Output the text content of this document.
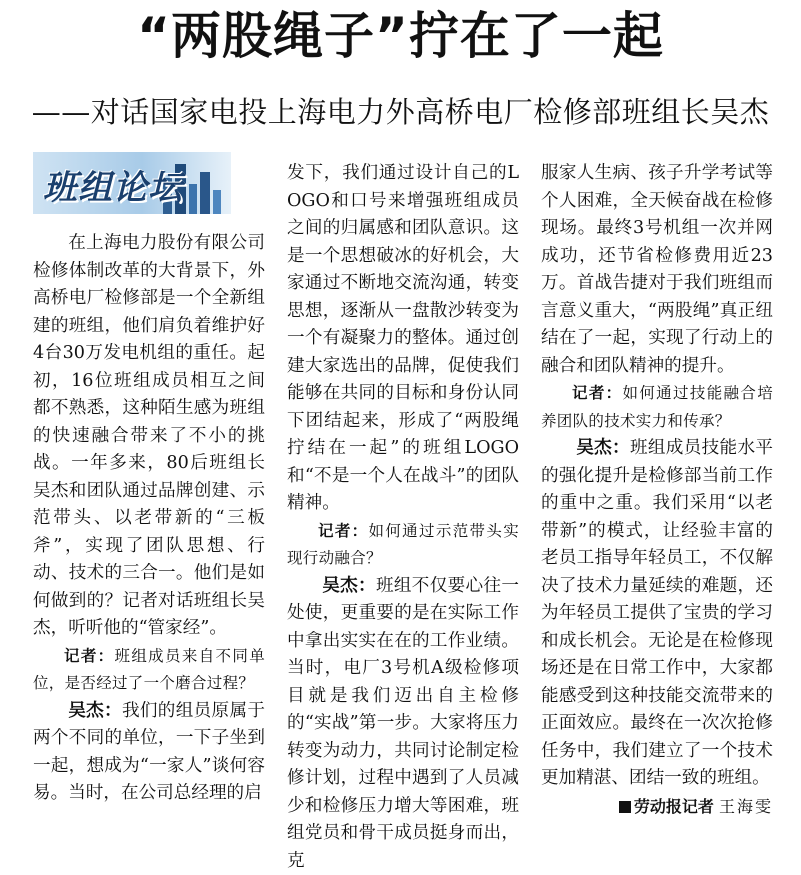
“两股绳子”拧在了一起
——对话国家电投上海电力外高桥电厂检修部班组长吴杰
班组论坛

在上海电力股份有限公司检修体制改革的大背景下，外高桥电厂检修部是一个全新组建的班组，他们肩负着维护好4台30万发电机组的重任。起初，16位班组成员相互之间都不熟悉，这种陌生感为班组的快速融合带来了不小的挑战。一年多来，80后班组长吴杰和团队通过品牌创建、示范带头、以老带新的“三板斧”，实现了团队思想、行动、技术的三合一。他们是如何做到的？记者对话班组长吴杰，听听他的“管家经”。

记者：班组成员来自不同单位，是否经过了一个磨合过程？

吴杰：我们的组员原属于两个不同的单位，一下子坐到一起，想成为“一家人”谈何容易。当时，在公司总经理的启

发下，我们通过设计自己的LOGO和口号来增强班组成员之间的归属感和团队意识。这是一个思想破冰的好机会，大家通过不断地交流沟通，转变思想，逐渐从一盘散沙转变为一个有凝聚力的整体。通过创建大家选出的品牌，促使我们能够在共同的目标和身份认同下团结起来，形成了“两股绳拧结在一起”的班组LOGO和“不是一个人在战斗”的团队精神。

记者：如何通过示范带头实现行动融合？

吴杰：班组不仅要心往一处使，更重要的是在实际工作中拿出实实在在的工作业绩。当时，电厂3号机A级检修项目就是我们迈出自主检修的“实战”第一步。大家将压力转变为动力，共同讨论制定检修计划，过程中遇到了人员减少和检修压力增大等困难，班组党员和骨干成员挺身而出，克

服家人生病、孩子升学考试等个人困难，全天候奋战在检修现场。最终3号机组一次并网成功，还节省检修费用近23万。首战告捷对于我们班组而言意义重大，“两股绳”真正纽结在了一起，实现了行动上的融合和团队精神的提升。

记者：如何通过技能融合培养团队的技术实力和传承？

吴杰：班组成员技能水平的强化提升是检修部当前工作的重中之重。我们采用“以老带新”的模式，让经验丰富的老员工指导年轻员工，不仅解决了技术力量延续的难题，还为年轻员工提供了宝贵的学习和成长机会。无论是在检修现场还是在日常工作中，大家都能感受到这种技能交流带来的正面效应。最终在一次次抢修任务中，我们建立了一个技术更加精湛、团结一致的班组。

劳动报记者 王海雯
